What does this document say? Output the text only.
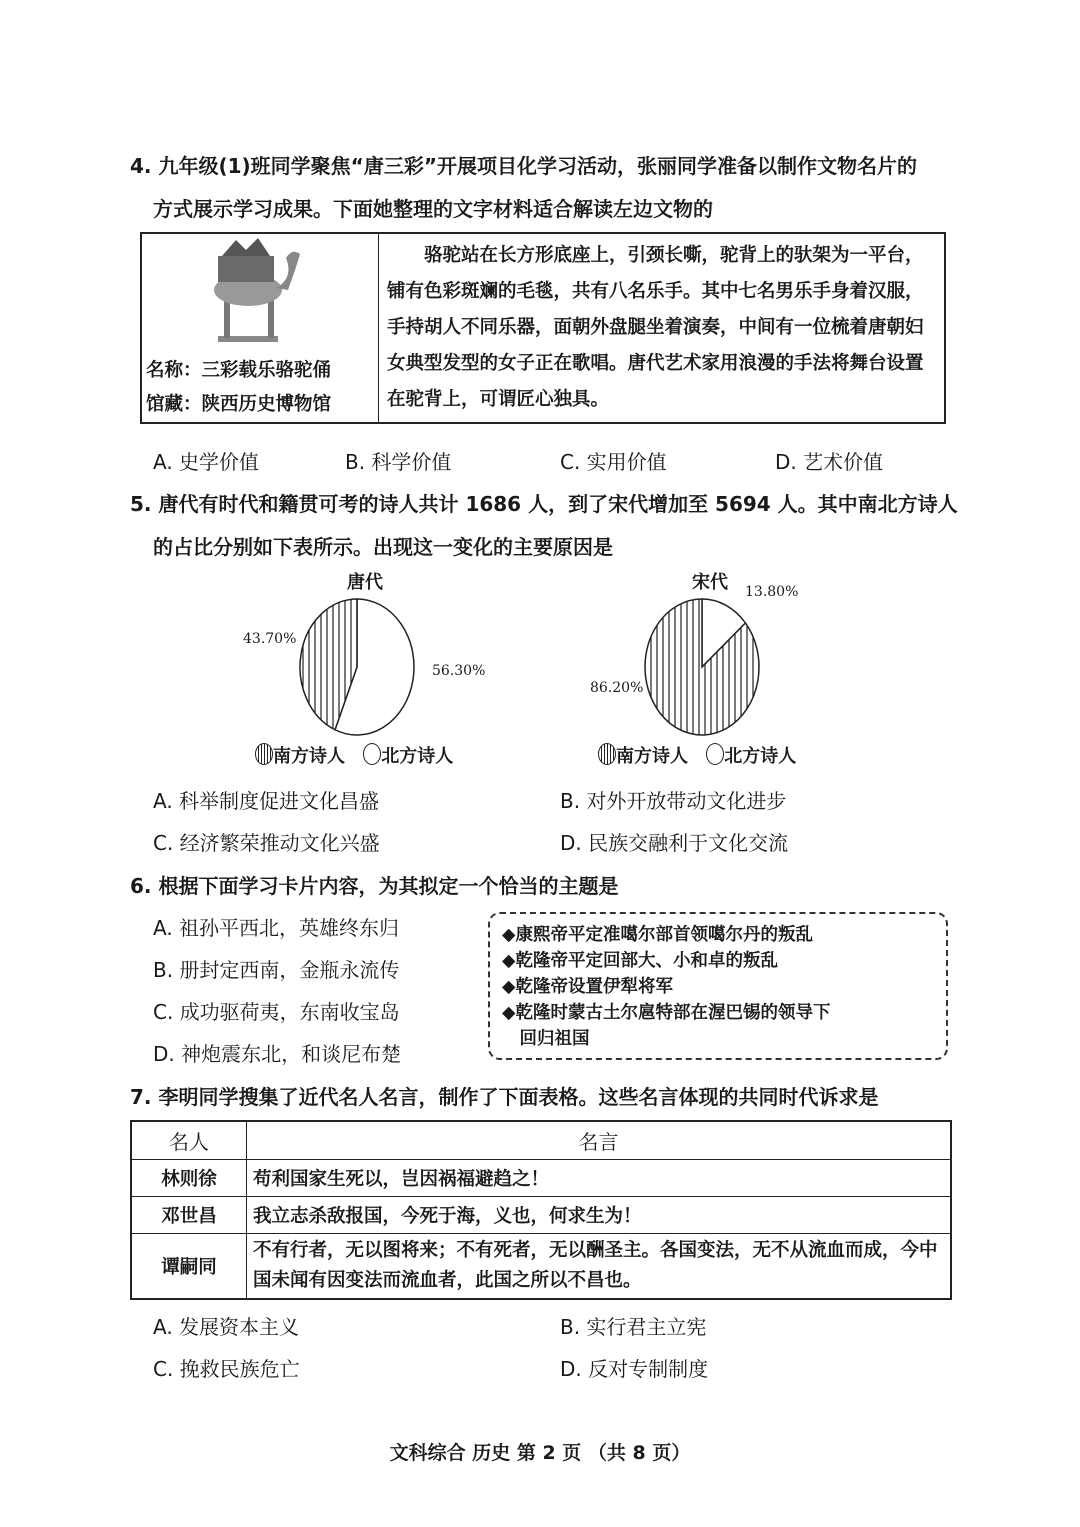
4. 九年级(1)班同学聚焦“唐三彩”开展项目化学习活动，张丽同学准备以制作文物名片的
方式展示学习成果。下面她整理的文字材料适合解读左边文物的
名称：三彩载乐骆驼俑
馆藏：陕西历史博物馆
	　　骆驼站在长方形底座上，引颈长嘶，驼背上的驮架为一平台，铺有色彩斑斓的毛毯，共有八名乐手。其中七名男乐手身着汉服，手持胡人不同乐器，面朝外盘腿坐着演奏，中间有一位梳着唐朝妇女典型发型的女子正在歌唱。唐代艺术家用浪漫的手法将舞台设置在驼背上，可谓匠心独具。
A. 史学价值	B. 科学价值	C. 实用价值	D. 艺术价值
5. 唐代有时代和籍贯可考的诗人共计 1686 人，到了宋代增加至 5694 人。其中南北方诗人
的占比分别如下表所示。出现这一变化的主要原因是
唐代	宋代
43.70%
56.30%
86.20%
13.80%
南方诗人 北方诗人	南方诗人 北方诗人
A. 科举制度促进文化昌盛	B. 对外开放带动文化进步
C. 经济繁荣推动文化兴盛	D. 民族交融利于文化交流
6. 根据下面学习卡片内容，为其拟定一个恰当的主题是
A. 祖孙平西北，英雄终东归
B. 册封定西南，金瓶永流传
C. 成功驱荷夷，东南收宝岛
D. 神炮震东北，和谈尼布楚
◆康熙帝平定准噶尔部首领噶尔丹的叛乱
◆乾隆帝平定回部大、小和卓的叛乱
◆乾隆帝设置伊犁将军
◆乾隆时蒙古土尔扈特部在渥巴锡的领导下
　回归祖国
7. 李明同学搜集了近代名人名言，制作了下面表格。这些名言体现的共同时代诉求是
名人	名言
林则徐	苟利国家生死以，岂因祸福避趋之！
邓世昌	我立志杀敌报国，今死于海，义也，何求生为！
谭嗣同	不有行者，无以图将来；不有死者，无以酬圣主。各国变法，无不从流血而成，今中国未闻有因变法而流血者，此国之所以不昌也。
A. 发展资本主义	B. 实行君主立宪
C. 挽救民族危亡	D. 反对专制制度
文科综合 历史 第 2 页 （共 8 页）
